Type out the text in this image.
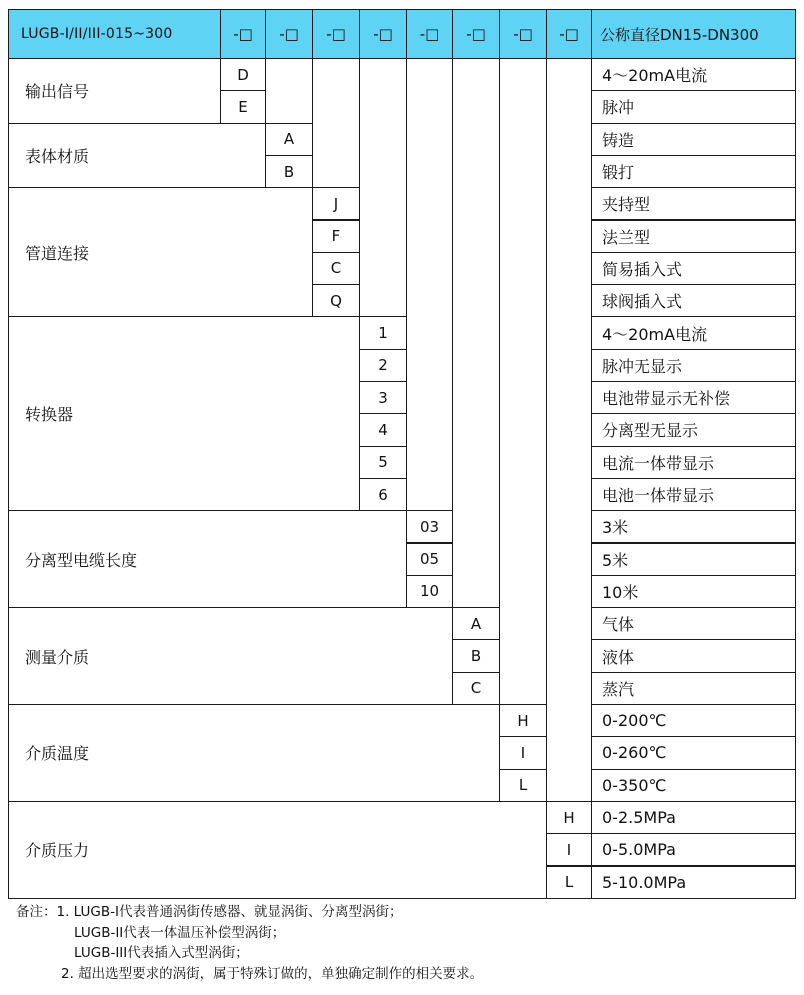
LUGB-I/II/III-015~300	-□	-□	-□	-□	-□	-□	-□	-□	公称直径DN15-DN300
输出信号
D	4～20mA电流
E	脉冲
表体材质
A	铸造
B	锻打
管道连接
J	夹持型
F	法兰型
C	简易插入式
Q	球阀插入式
转换器
1	4～20mA电流
2	脉冲无显示
3	电池带显示无补偿
4	分离型无显示
5	电流一体带显示
6	电池一体带显示
分离型电缆长度
03	3米
05	5米
10	10米
测量介质
A	气体
B	液体
C	蒸汽
介质温度
H	0-200℃
I	0-260℃
L	0-350℃
介质压力
H	0-2.5MPa
I	0-5.0MPa
L	5-10.0MPa
备注：1. LUGB-I代表普通涡街传感器、就显涡街、分离型涡街；
LUGB-II代表一体温压补偿型涡街；
LUGB-III代表插入式型涡街；
2. 超出选型要求的涡街，属于特殊订做的，单独确定制作的相关要求。
